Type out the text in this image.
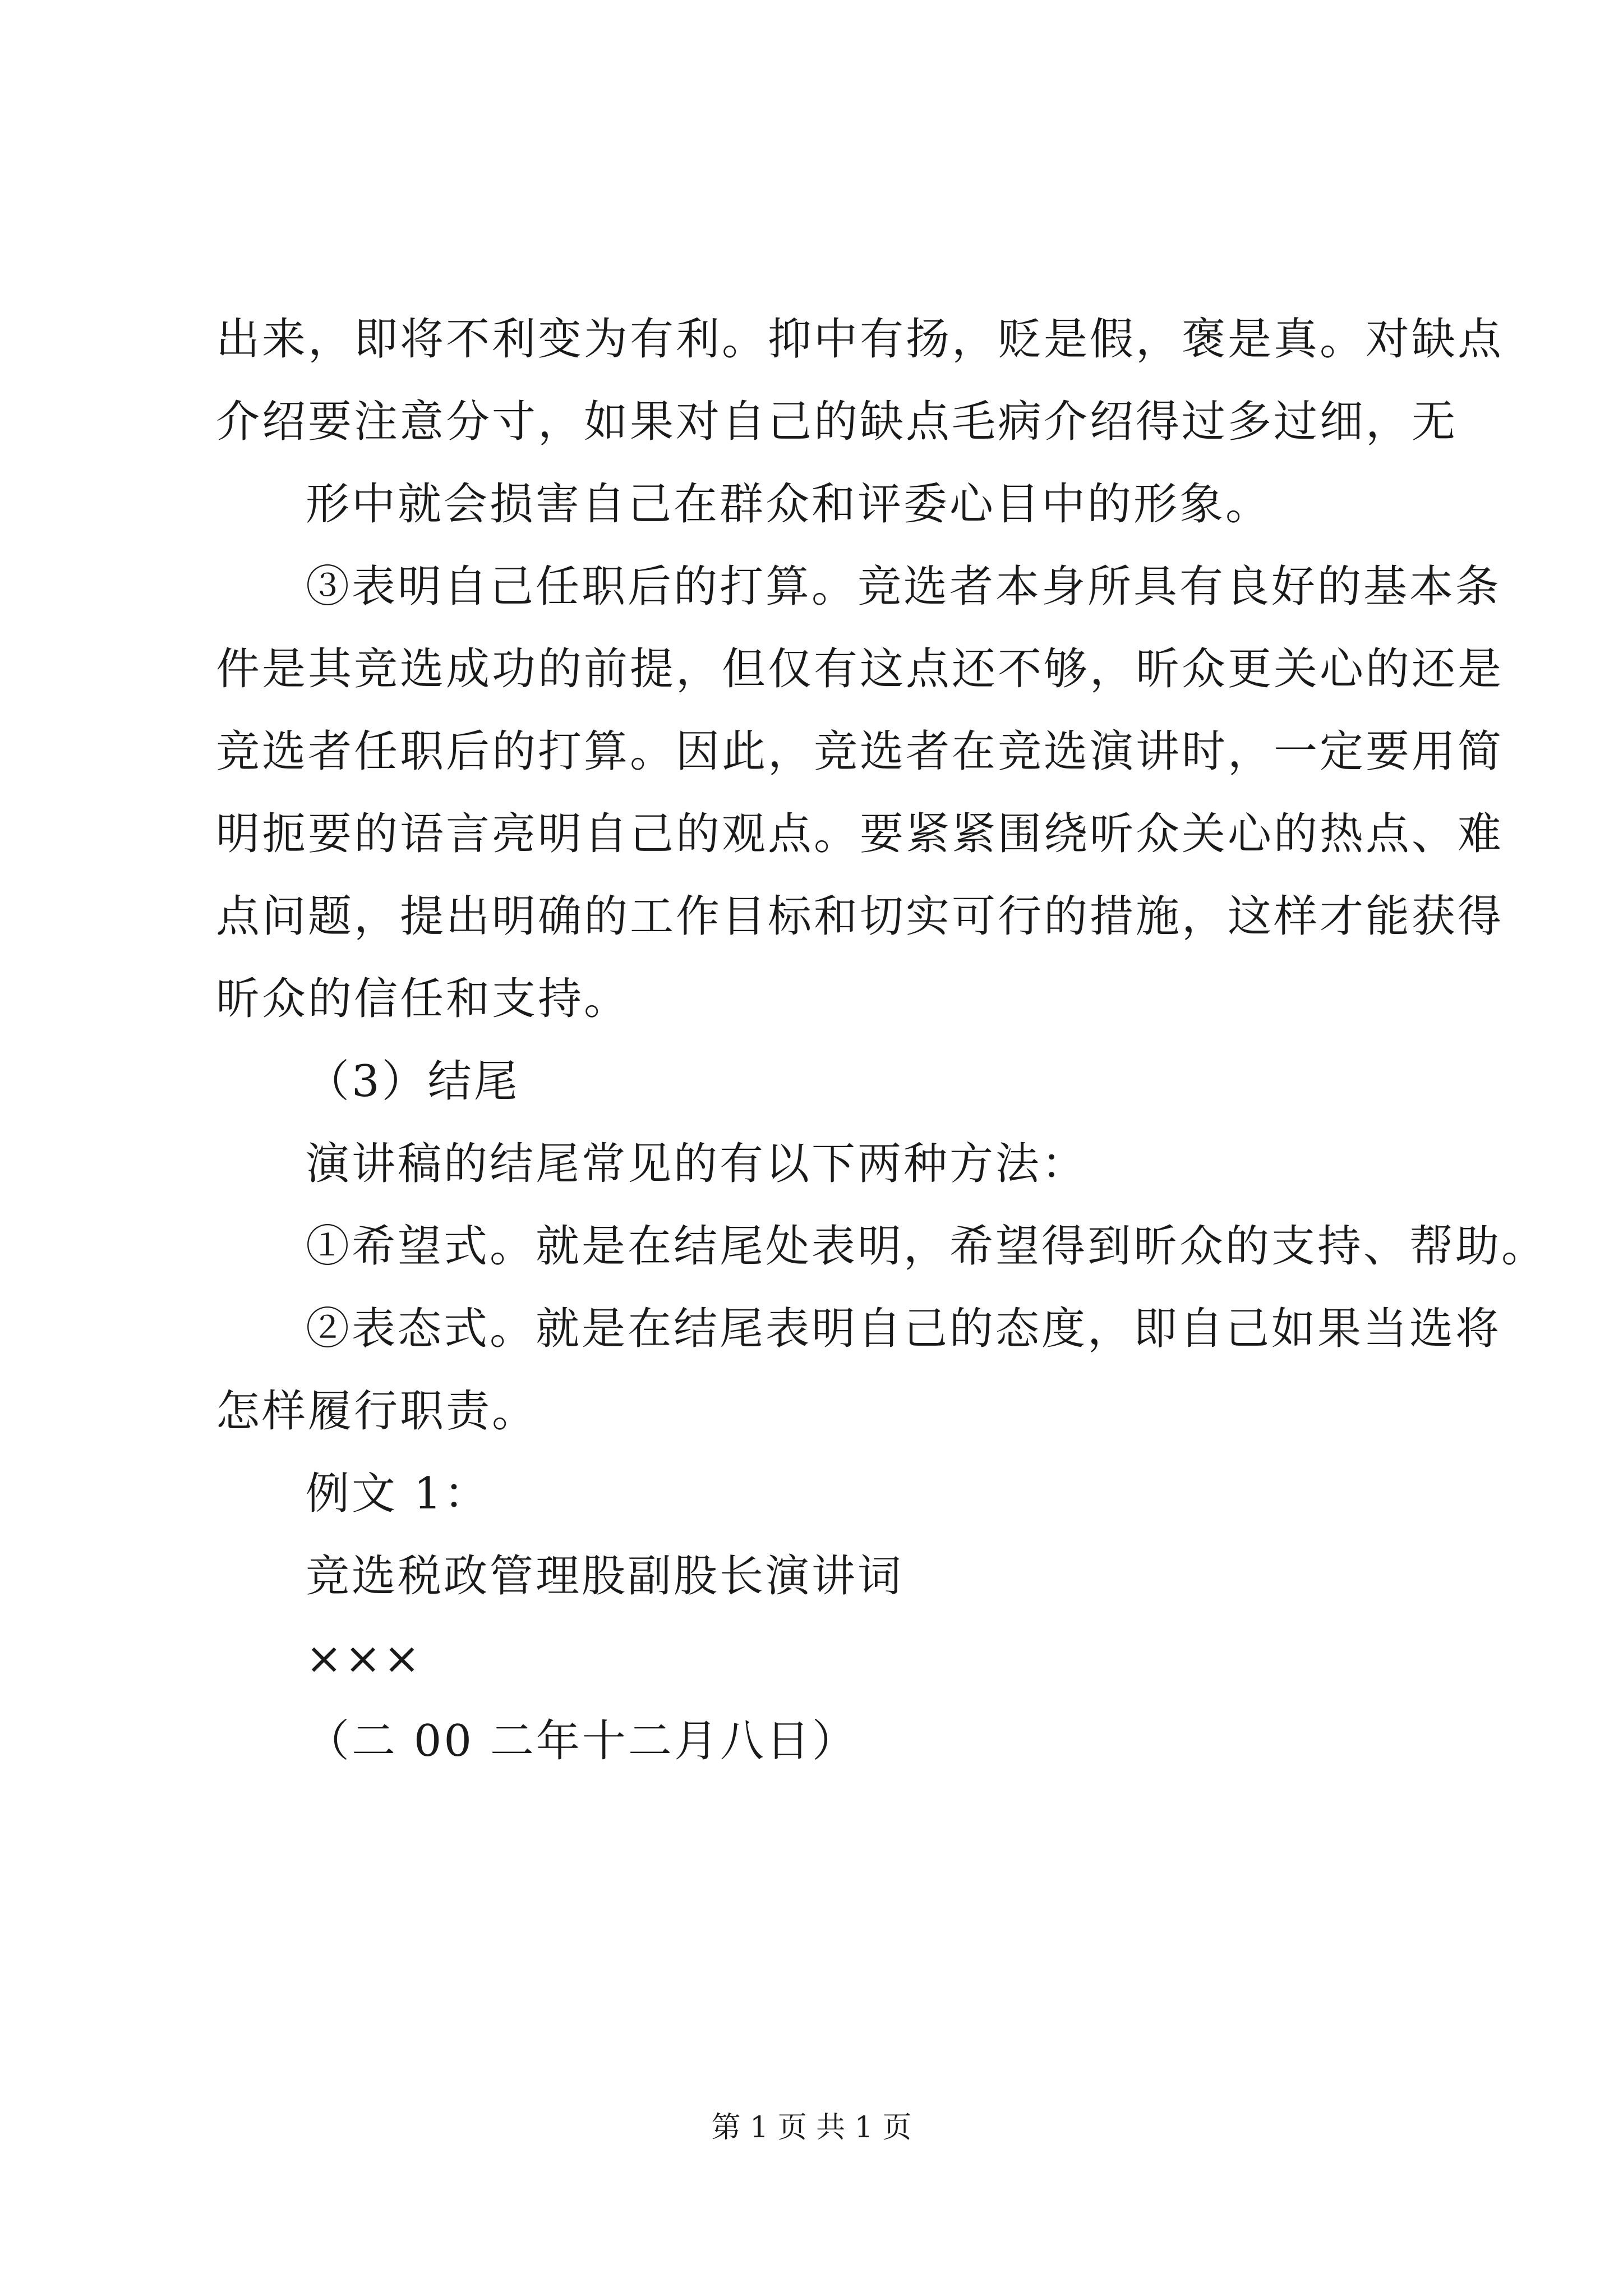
出来，即将不利变为有利。抑中有扬，贬是假，褒是真。对缺点
介绍要注意分寸，如果对自己的缺点毛病介绍得过多过细，无
形中就会损害自己在群众和评委心目中的形象。
③表明自己任职后的打算。竞选者本身所具有良好的基本条
件是其竞选成功的前提，但仅有这点还不够，昕众更关心的还是
竞选者任职后的打算。因此，竞选者在竞选演讲时，一定要用简
明扼要的语言亮明自己的观点。要紧紧围绕听众关心的热点、难
点问题，提出明确的工作目标和切实可行的措施，这样才能获得
昕众的信任和支持。
（3）结尾
演讲稿的结尾常见的有以下两种方法：
①希望式。就是在结尾处表明，希望得到昕众的支持、帮助。
②表态式。就是在结尾表明自己的态度，即自己如果当选将
怎样履行职责。
例文 1：
竞选税政管理股副股长演讲词
×××
（二 00 二年十二月八日）
第 1 页 共 1 页
